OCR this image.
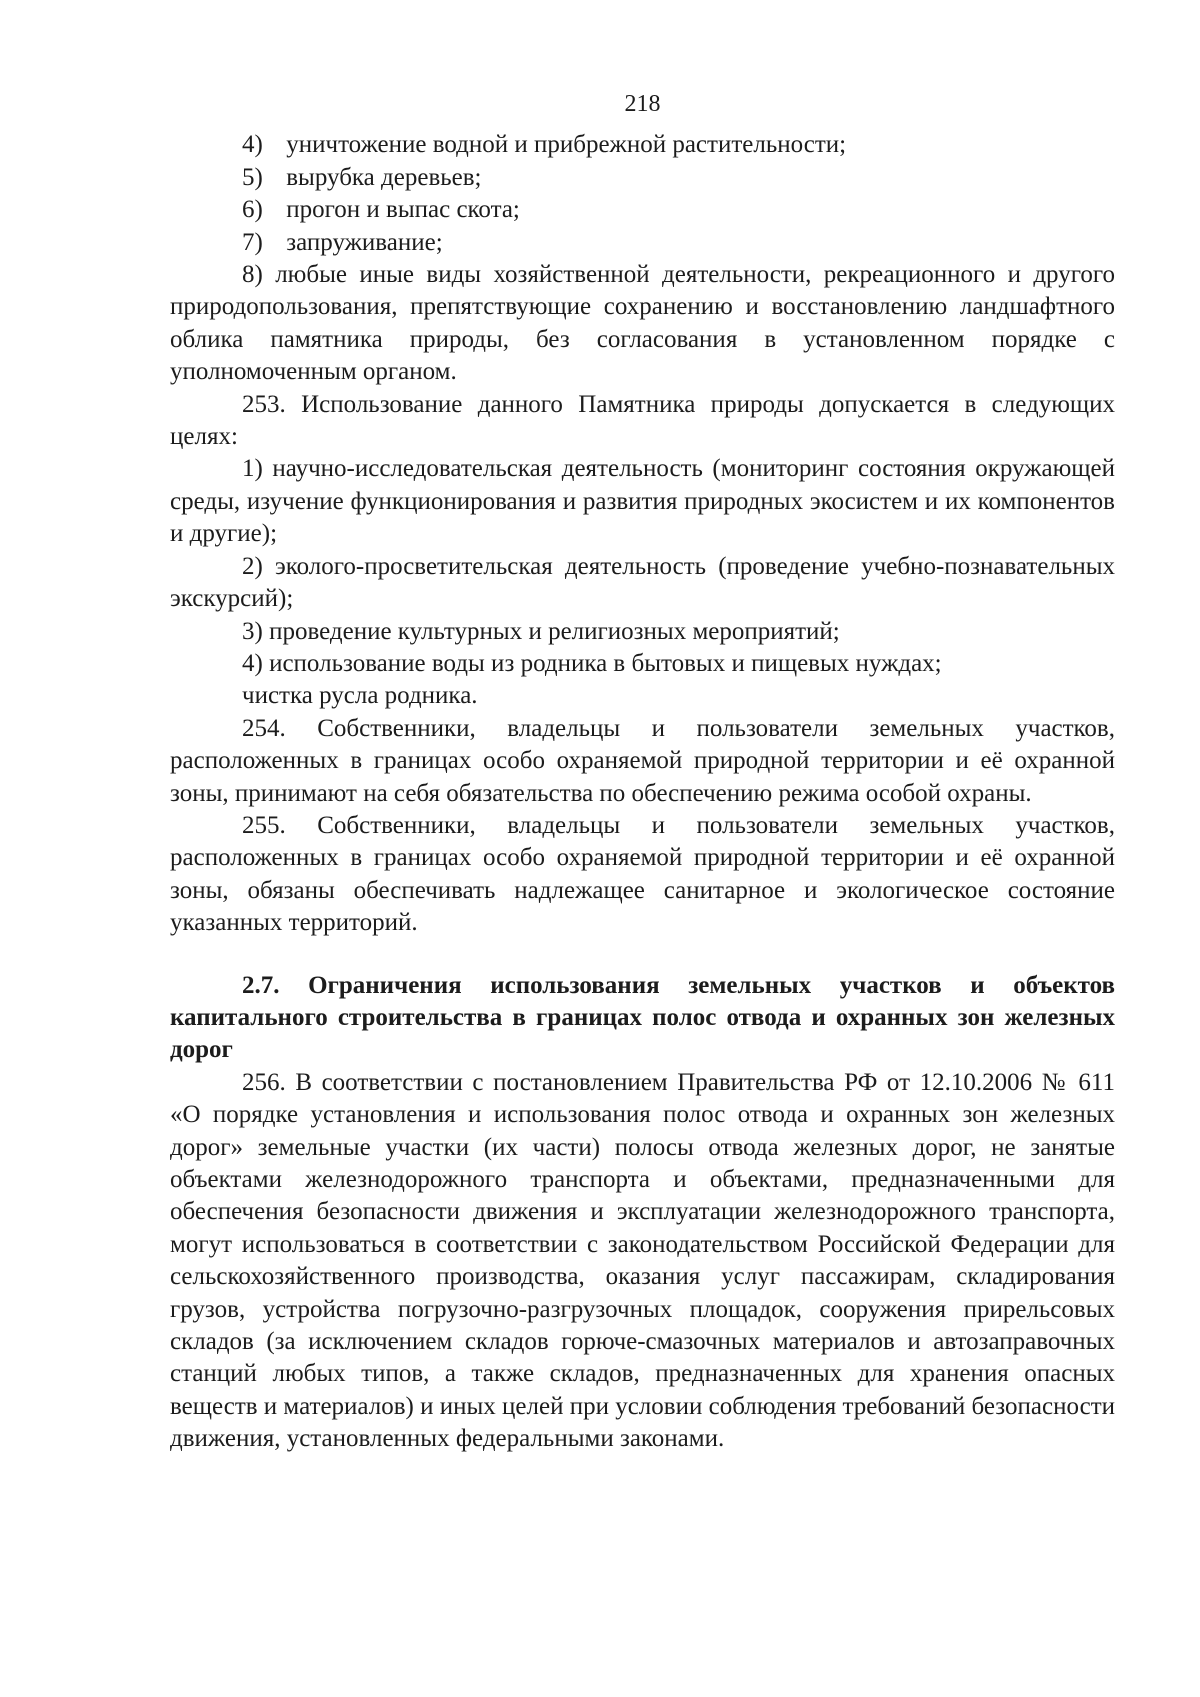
218
4) уничтожение водной и прибрежной растительности;
5) вырубка деревьев;
6) прогон и выпас скота;
7) запруживание;

8) любые иные виды хозяйственной деятельности, рекреационного и другого природопользования, препятствующие сохранению и восстановлению ландшафтного облика памятника природы, без согласования в установленном порядке с уполномоченным органом.

253. Использование данного Памятника природы допускается в следующих целях:

1) научно-исследовательская деятельность (мониторинг состояния окружающей среды, изучение функционирования и развития природных экосистем и их компонентов и другие);

2) эколого-просветительская деятельность (проведение учебно-познавательных экскурсий);

3) проведение культурных и религиозных мероприятий;

4) использование воды из родника в бытовых и пищевых нуждах;

чистка русла родника.

254. Собственники, владельцы и пользователи земельных участков, расположенных в границах особо охраняемой природной территории и её охранной зоны, принимают на себя обязательства по обеспечению режима особой охраны.

255. Собственники, владельцы и пользователи земельных участков, расположенных в границах особо охраняемой природной территории и её охранной зоны, обязаны обеспечивать надлежащее санитарное и экологическое состояние указанных территорий.

2.7. Ограничения использования земельных участков и объектов капитального строительства в границах полос отвода и охранных зон железных дорог

256. В соответствии с постановлением Правительства РФ от 12.10.2006 № 611 «О порядке установления и использования полос отвода и охранных зон железных дорог» земельные участки (их части) полосы отвода железных дорог, не занятые объектами железнодорожного транспорта и объектами, предназначенными для обеспечения безопасности движения и эксплуатации железнодорожного транспорта, могут использоваться в соответствии с законодательством Российской Федерации для сельскохозяйственного производства, оказания услуг пассажирам, складирования грузов, устройства погрузочно-разгрузочных площадок, сооружения прирельсовых складов (за исключением складов горюче-смазочных материалов и автозаправочных станций любых типов, а также складов, предназначенных для хранения опасных веществ и материалов) и иных целей при условии соблюдения требований безопасности движения, установленных федеральными законами.
